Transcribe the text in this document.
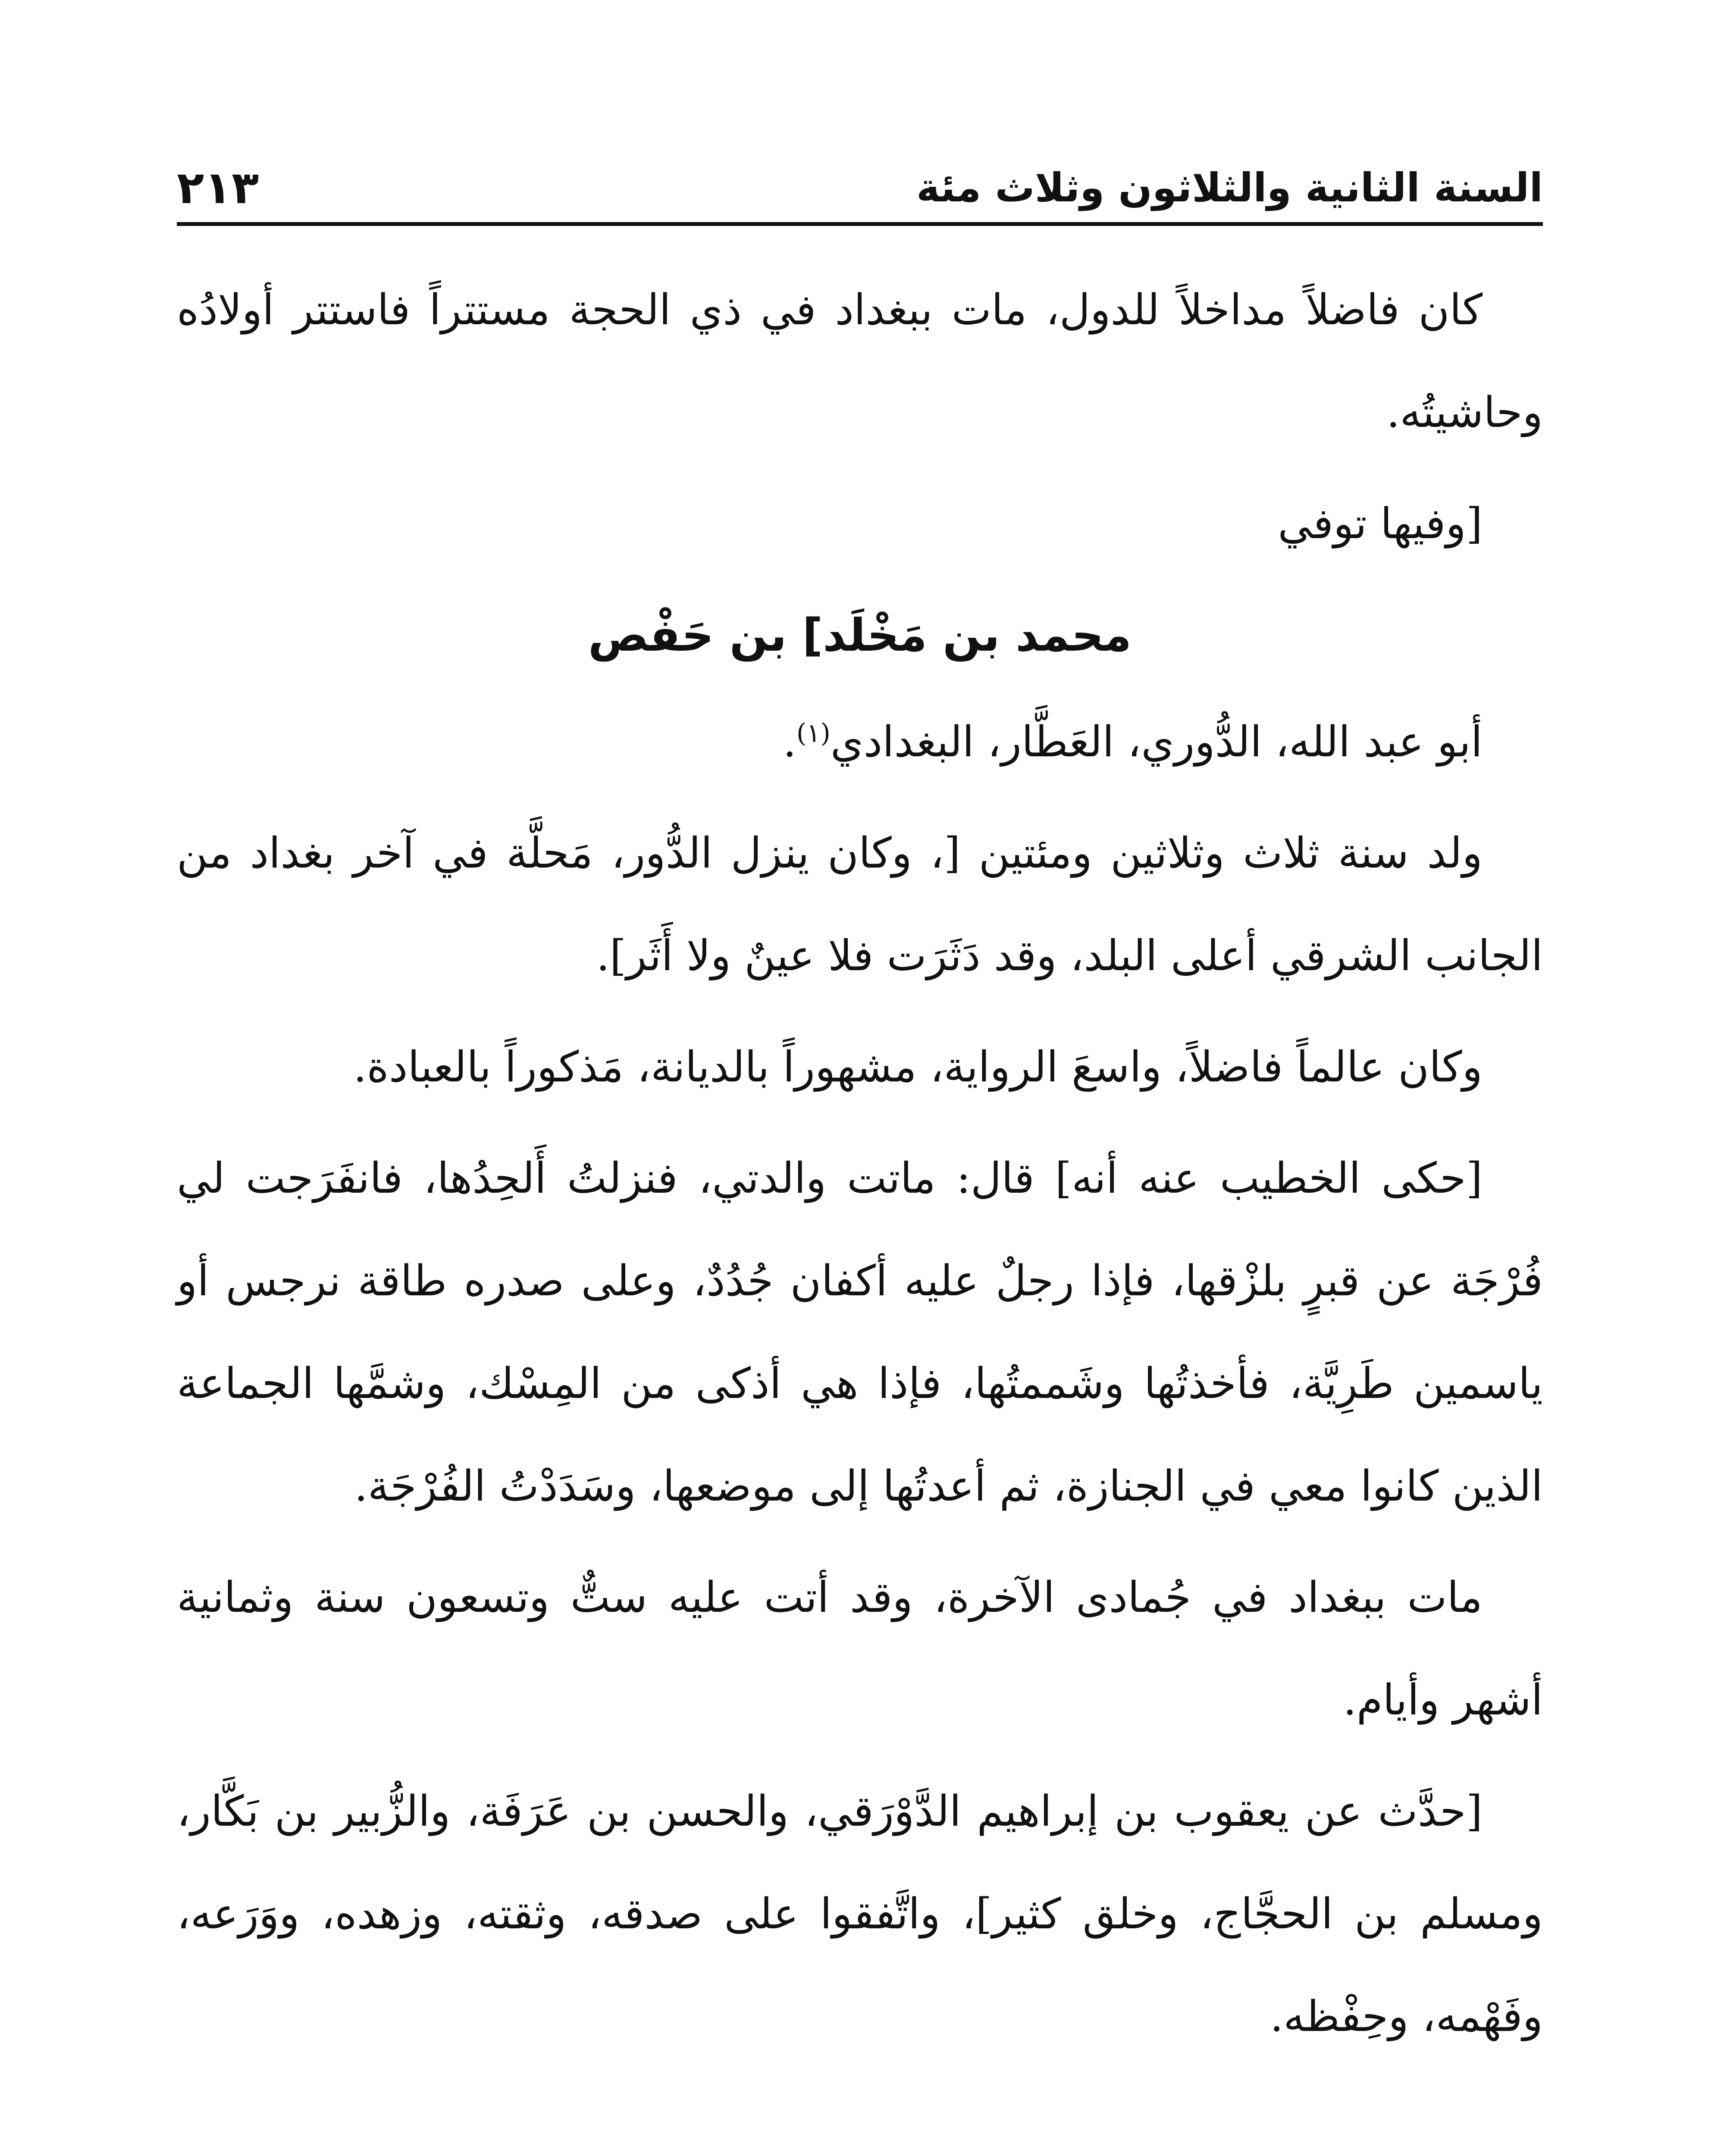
السنة الثانية والثلاثون وثلاث مئة
٢١٣

كان فاضلاً مداخلاً للدول، مات ببغداد في ذي الحجة مستتراً فاستتر أولادُه وحاشيتُه.

[وفيها توفي

محمد بن مَخْلَد] بن حَفْص

أبو عبد الله، الدُّوري، العَطَّار، البغدادي$^{(١)}$.

ولد سنة ثلاث وثلاثين ومئتين [، وكان ينزل الدُّور، مَحلَّة في آخر بغداد من الجانب الشرقي أعلى البلد، وقد دَثَرَت فلا عينٌ ولا أَثَر].

وكان عالماً فاضلاً، واسعَ الرواية، مشهوراً بالديانة، مَذكوراً بالعبادة.

[حكى الخطيب عنه أنه] قال: ماتت والدتي، فنزلتُ أَلحِدُها، فانفَرَجت لي فُرْجَة عن قبرٍ بلزْقها، فإذا رجلٌ عليه أكفان جُدُدٌ، وعلى صدره طاقة نرجس أو ياسمين طَرِيَّة، فأخذتُها وشَممتُها، فإذا هي أذكى من المِسْك، وشمَّها الجماعة الذين كانوا معي في الجنازة، ثم أعدتُها إلى موضعها، وسَدَدْتُ الفُرْجَة.

مات ببغداد في جُمادى الآخرة، وقد أتت عليه ستٌّ وتسعون سنة وثمانية أشهر وأيام.

[حدَّث عن يعقوب بن إبراهيم الدَّوْرَقي، والحسن بن عَرَفَة، والزُّبير بن بَكَّار، ومسلم بن الحجَّاج، وخلق كثير]، واتَّفقوا على صدقه، وثقته، وزهده، ووَرَعه، وفَهْمه، وحِفْظه.
